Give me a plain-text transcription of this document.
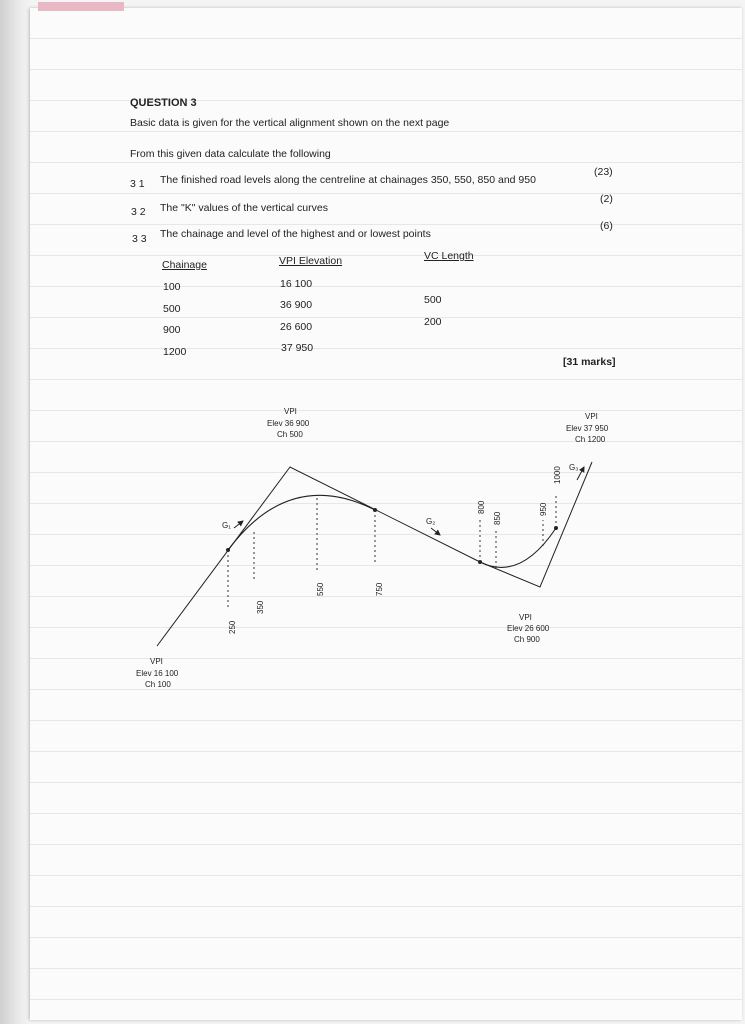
QUESTION 3
Basic data is given for the vertical alignment shown on the next page
From this given data calculate the following
3 1 The finished road levels along the centreline at chainages 350, 550, 850 and 950
(23)
3 2 The "K" values of the vertical curves
(2)
3 3 The chainage and level of the highest and or lowest points
(6)
Chainage	VPI Elevation	VC Length
100	16 100
500	36 900	500
900	26 600	200
1200	37 950
[31 marks]
250
350
550	750
800
850
950
1000
G₁	G₂
G₃
VPI
Elev 16 100
Ch 100
VPI
Elev 36 900
Ch 500
VPI
Elev 26 600
Ch 900
VPI
Elev 37 950
Ch 1200
